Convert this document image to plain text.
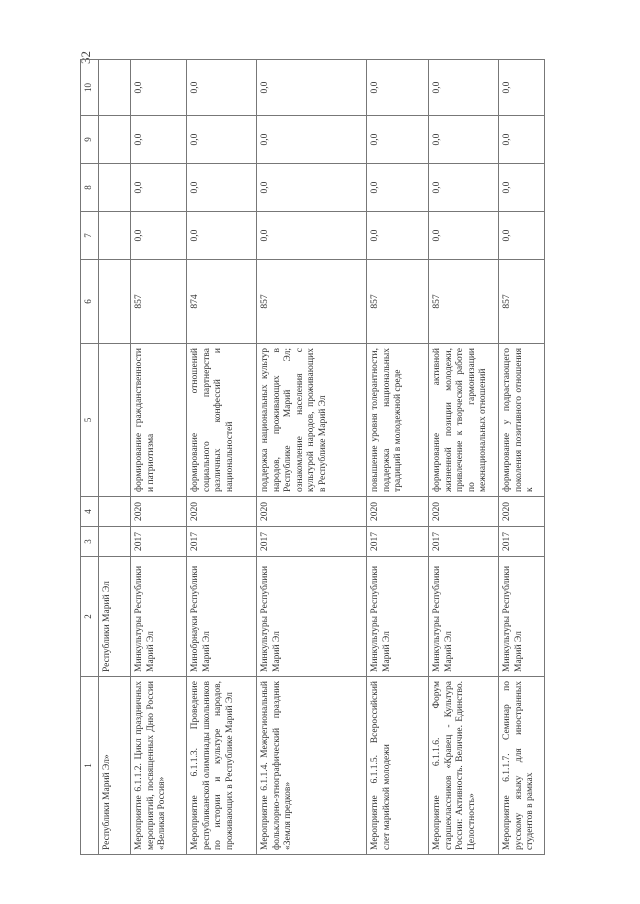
32
1	2	3	4	5	6	7	8	9	10
Республики Марий Эл»	Республики Марий Эл								
Мероприятие 6.1.1.2. Цикл праздничных мероприятий, посвященных Дню России «Великая Россия»	Минкультуры Республики Марий Эл	2017	2020	формирование гражданственности и патриотизма	857	0,0	0,0	0,0	0,0
Мероприятие 6.1.1.3. Проведение республиканской олимпиады школьников по истории и культуре народов, проживающих в Республике Марий Эл	Минобрнауки Республики Марий Эл	2017	2020	формирование отношений социального партнерства различных конфессий и национальностей	874	0,0	0,0	0,0	0,0
Мероприятие 6.1.1.4. Межрегиональный фольклорно-этнографический праздник «Земля предков»	Минкультуры Республики Марий Эл	2017	2020	поддержка национальных культур народов, проживающих в Республике Марий Эл; ознакомление населения с культурой народов, проживающих в Республике Марий Эл	857	0,0	0,0	0,0	0,0
Мероприятие 6.1.1.5. Всероссийский слет марийской молодежи	Минкультуры Республики Марий Эл	2017	2020	повышение уровня толерантности, поддержка национальных традиций в молодежной среде	857	0,0	0,0	0,0	0,0
Мероприятие 6.1.1.6. Форум старшеклассников «Кравец - Культура России: Активность. Величие. Единство. Целостность»	Минкультуры Республики Марий Эл	2017	2020	формирование активной жизненной позиции молодежи, привлечение к творческой работе по гармонизации межнациональных отношений	857	0,0	0,0	0,0	0,0
Мероприятие 6.1.1.7. Семинар по русскому языку для иностранных студентов в рамках	Минкультуры Республики Марий Эл	2017	2020	формирование у подрастающего поколения позитивного отношения к	857	0,0	0,0	0,0	0,0
